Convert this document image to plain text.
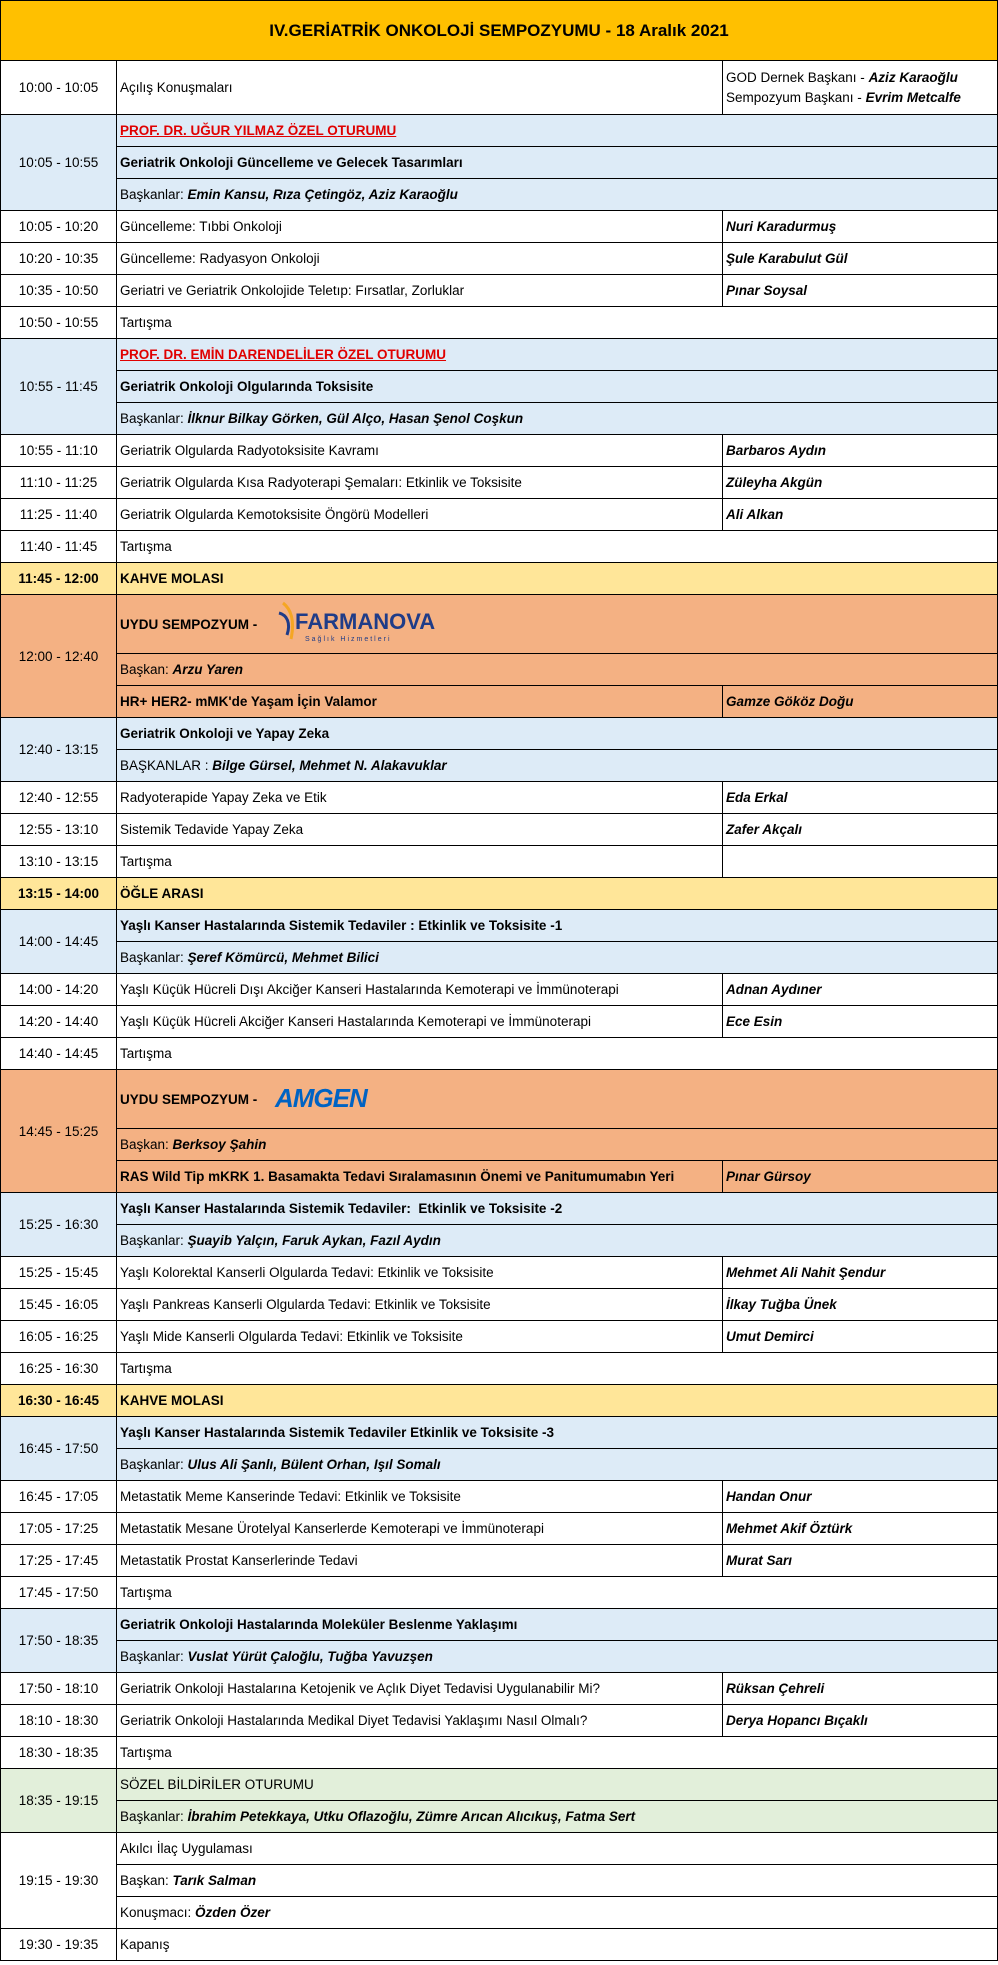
IV.GERİATRİK ONKOLOJİ SEMPOZYUMU - 18 Aralık 2021		
10:00 - 10:05	Açılış Konuşmaları	GOD Dernek Başkanı - Aziz Karaoğlu
Sempozyum Başkanı - Evrim Metcalfe

10:05 - 10:55	PROF. DR. UĞUR YILMAZ ÖZEL OTURUMU	
	Geriatrik Onkoloji Güncelleme ve Gelecek Tasarımları	
	Başkanlar: Emin Kansu, Rıza Çetingöz, Aziz Karaoğlu	
10:05 - 10:20	Güncelleme: Tıbbi Onkoloji	Nuri Karadurmuş
10:20 - 10:35	Güncelleme: Radyasyon Onkoloji	Şule Karabulut Gül
10:35 - 10:50	Geriatri ve Geriatrik Onkolojide Teletıp: Fırsatlar, Zorluklar	Pınar Soysal
10:50 - 10:55	Tartışma	
10:55 - 11:45	PROF. DR. EMİN DARENDELİLER ÖZEL OTURUMU	
	Geriatrik Onkoloji Olgularında Toksisite	
	Başkanlar: İlknur Bilkay Görken, Gül Alço, Hasan Şenol Coşkun	
10:55 - 11:10	Geriatrik Olgularda Radyotoksisite Kavramı	Barbaros Aydın
11:10 - 11:25	Geriatrik Olgularda Kısa Radyoterapi Şemaları: Etkinlik ve Toksisite	Züleyha Akgün
11:25 - 11:40	Geriatrik Olgularda Kemotoksisite Öngörü Modelleri	Ali Alkan
11:40 - 11:45	Tartışma	
11:45 - 12:00	KAHVE MOLASI	
12:00 - 12:40	UYDU SEMPOZYUM - FARMANOVA
Sağlık Hizmetleri	

	Başkan: Arzu Yaren	
	HR+ HER2- mMK'de Yaşam İçin Valamor	Gamze Gököz Doğu
12:40 - 13:15	Geriatrik Onkoloji ve Yapay Zeka	
	BAŞKANLAR : Bilge Gürsel, Mehmet N. Alakavuklar	
12:40 - 12:55	Radyoterapide Yapay Zeka ve Etik	Eda Erkal
12:55 - 13:10	Sistemik Tedavide Yapay Zeka	Zafer Akçalı
13:10 - 13:15	Tartışma	
13:15 - 14:00	ÖĞLE ARASI	
14:00 - 14:45	Yaşlı Kanser Hastalarında Sistemik Tedaviler : Etkinlik ve Toksisite -1	
	Başkanlar: Şeref Kömürcü, Mehmet Bilici	
14:00 - 14:20	Yaşlı Küçük Hücreli Dışı Akciğer Kanseri Hastalarında Kemoterapi ve İmmünoterapi	Adnan Aydıner
14:20 - 14:40	Yaşlı Küçük Hücreli Akciğer Kanseri Hastalarında Kemoterapi ve İmmünoterapi	Ece Esin
14:40 - 14:45	Tartışma	
14:45 - 15:25	UYDU SEMPOZYUM - AMGEN	

	Başkan: Berksoy Şahin	
	RAS Wild Tip mKRK 1. Basamakta Tedavi Sıralamasının Önemi ve Panitumumabın Yeri	Pınar Gürsoy
15:25 - 16:30	Yaşlı Kanser Hastalarında Sistemik Tedaviler:  Etkinlik ve Toksisite -2	
	Başkanlar: Şuayib Yalçın, Faruk Aykan, Fazıl Aydın	
15:25 - 15:45	Yaşlı Kolorektal Kanserli Olgularda Tedavi: Etkinlik ve Toksisite	Mehmet Ali Nahit Şendur
15:45 - 16:05	Yaşlı Pankreas Kanserli Olgularda Tedavi: Etkinlik ve Toksisite	İlkay Tuğba Ünek
16:05 - 16:25	Yaşlı Mide Kanserli Olgularda Tedavi: Etkinlik ve Toksisite	Umut Demirci
16:25 - 16:30	Tartışma	
16:30 - 16:45	KAHVE MOLASI	
16:45 - 17:50	Yaşlı Kanser Hastalarında Sistemik Tedaviler Etkinlik ve Toksisite -3	
	Başkanlar: Ulus Ali Şanlı, Bülent Orhan, Işıl Somalı	
16:45 - 17:05	Metastatik Meme Kanserinde Tedavi: Etkinlik ve Toksisite	Handan Onur
17:05 - 17:25	Metastatik Mesane Ürotelyal Kanserlerde Kemoterapi ve İmmünoterapi	Mehmet Akif Öztürk
17:25 - 17:45	Metastatik Prostat Kanserlerinde Tedavi	Murat Sarı
17:45 - 17:50	Tartışma	
17:50 - 18:35	Geriatrik Onkoloji Hastalarında Moleküler Beslenme Yaklaşımı	
	Başkanlar: Vuslat Yürüt Çaloğlu, Tuğba Yavuzşen	
17:50 - 18:10	Geriatrik Onkoloji Hastalarına Ketojenik ve Açlık Diyet Tedavisi Uygulanabilir Mi?	Rüksan Çehreli
18:10 - 18:30	Geriatrik Onkoloji Hastalarında Medikal Diyet Tedavisi Yaklaşımı Nasıl Olmalı?	Derya Hopancı Bıçaklı
18:30 - 18:35	Tartışma	
18:35 - 19:15	SÖZEL BİLDİRİLER OTURUMU	
	Başkanlar: İbrahim Petekkaya, Utku Oflazoğlu, Zümre Arıcan Alıcıkuş, Fatma Sert	
19:15 - 19:30	Akılcı İlaç Uygulaması	
	Başkan: Tarık Salman	
	Konuşmacı: Özden Özer	
19:30 - 19:35	Kapanış	
